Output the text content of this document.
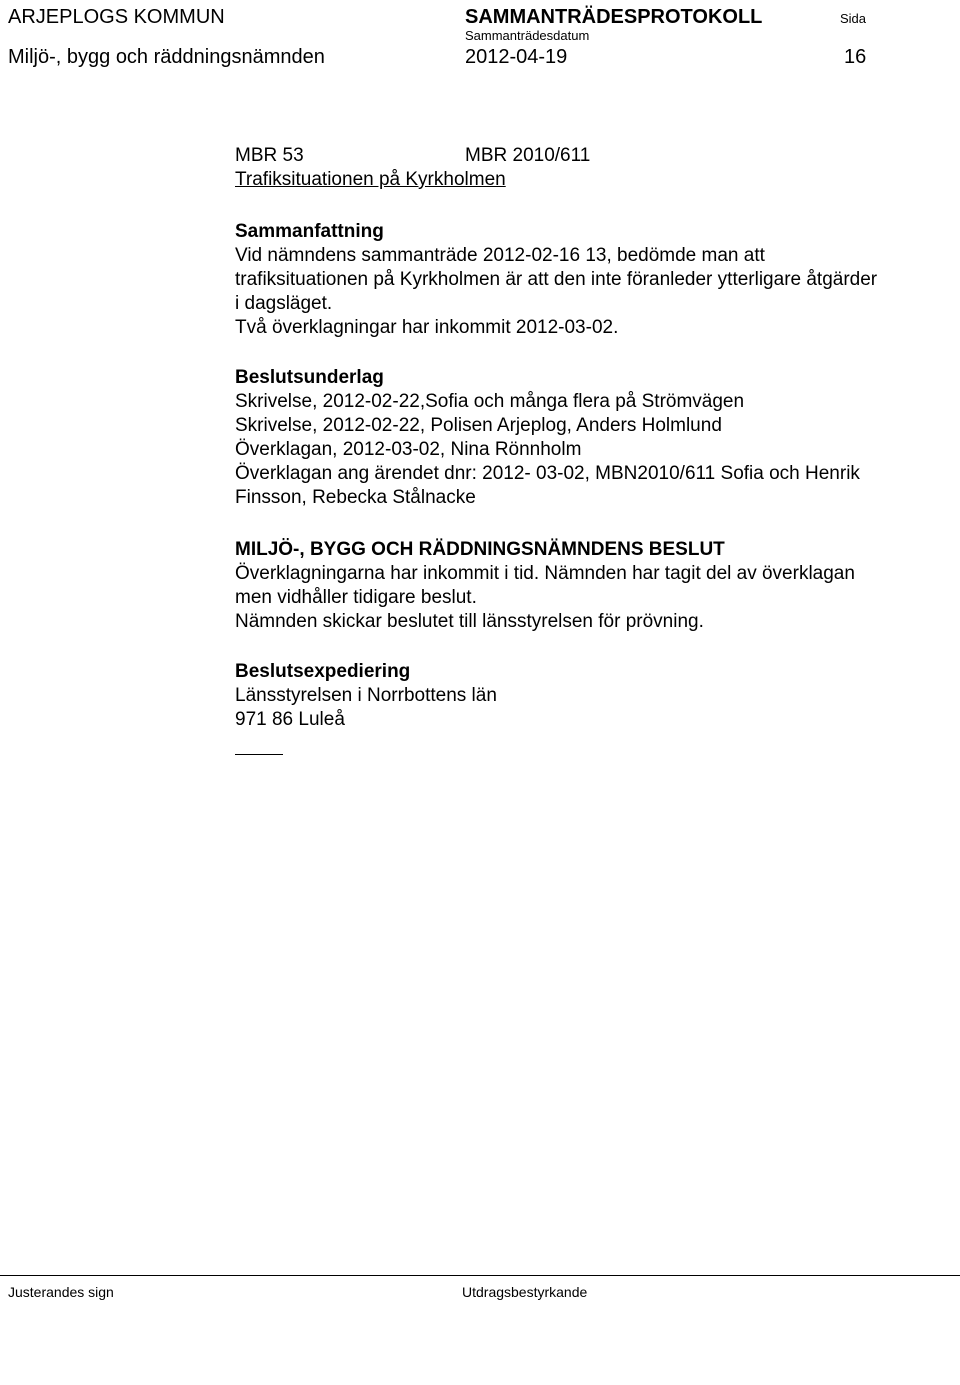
ARJEPLOGS KOMMUN	SAMMANTRÄDESPROTOKOLL	Sida
Sammanträdesdatum
Miljö-, bygg och räddningsnämnden	2012-04-19	16
MBR 53	MBR 2010/611
Trafiksituationen på Kyrkholmen
Sammanfattning
Vid nämndens sammanträde 2012-02-16 13, bedömde man att
trafiksituationen på Kyrkholmen är att den inte föranleder ytterligare åtgärder
i dagsläget.
Två överklagningar har inkommit 2012-03-02.
Beslutsunderlag
Skrivelse, 2012-02-22,Sofia och många flera på Strömvägen
Skrivelse, 2012-02-22, Polisen Arjeplog, Anders Holmlund
Överklagan, 2012-03-02, Nina Rönnholm
Överklagan ang ärendet dnr: 2012- 03-02, MBN2010/611 Sofia och Henrik
Finsson, Rebecka Stålnacke
MILJÖ-, BYGG OCH RÄDDNINGSNÄMNDENS BESLUT
Överklagningarna har inkommit i tid. Nämnden har tagit del av överklagan
men vidhåller tidigare beslut.
Nämnden skickar beslutet till länsstyrelsen för prövning.
Beslutsexpediering
Länsstyrelsen i Norrbottens län
971 86 Luleå
Justerandes sign	Utdragsbestyrkande
